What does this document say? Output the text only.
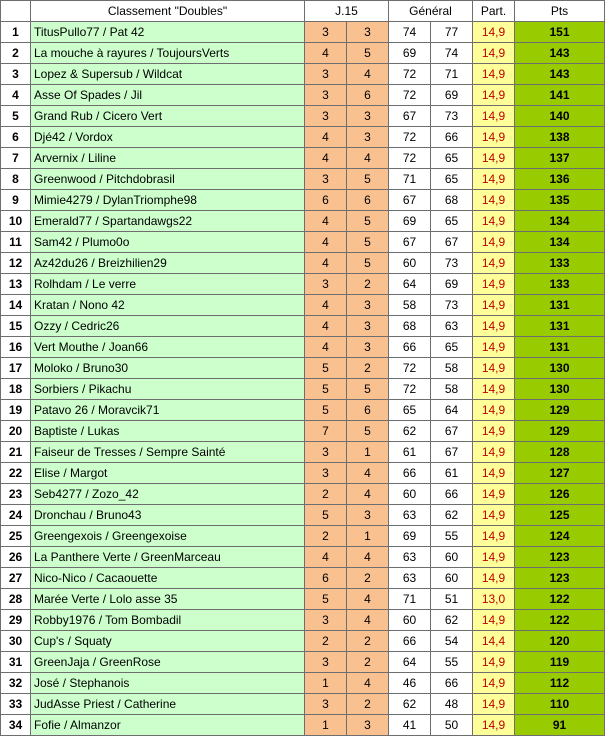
	Classement "Doubles"	J.15		Général		Part.	Pts
1	TitusPullo77 / Pat 42	3	3	74	77	14,9	151
2	La mouche à rayures / ToujoursVerts	4	5	69	74	14,9	143
3	Lopez & Supersub / Wildcat	3	4	72	71	14,9	143
4	Asse Of Spades / Jil	3	6	72	69	14,9	141
5	Grand Rub / Cicero Vert	3	3	67	73	14,9	140
6	Djé42 / Vordox	4	3	72	66	14,9	138
7	Arvernix / Liline	4	4	72	65	14,9	137
8	Greenwood / Pitchdobrasil	3	5	71	65	14,9	136
9	Mimie4279 / DylanTriomphe98	6	6	67	68	14,9	135
10	Emerald77 / Spartandawgs22	4	5	69	65	14,9	134
11	Sam42 / Plumo0o	4	5	67	67	14,9	134
12	Az42du26 / Breizhilien29	4	5	60	73	14,9	133
13	Rolhdam / Le verre	3	2	64	69	14,9	133
14	Kratan / Nono 42	4	3	58	73	14,9	131
15	Ozzy / Cedric26	4	3	68	63	14,9	131
16	Vert Mouthe / Joan66	4	3	66	65	14,9	131
17	Moloko / Bruno30	5	2	72	58	14,9	130
18	Sorbiers / Pikachu	5	5	72	58	14,9	130
19	Patavo 26 / Moravcik71	5	6	65	64	14,9	129
20	Baptiste / Lukas	7	5	62	67	14,9	129
21	Faiseur de Tresses / Sempre Sainté	3	1	61	67	14,9	128
22	Elise / Margot	3	4	66	61	14,9	127
23	Seb4277 / Zozo_42	2	4	60	66	14,9	126
24	Dronchau / Bruno43	5	3	63	62	14,9	125
25	Greengexois / Greengexoise	2	1	69	55	14,9	124
26	La Panthere Verte / GreenMarceau	4	4	63	60	14,9	123
27	Nico-Nico / Cacaouette	6	2	63	60	14,9	123
28	Marée Verte / Lolo asse 35	5	4	71	51	13,0	122
29	Robby1976 / Tom Bombadil	3	4	60	62	14,9	122
30	Cup's / Squaty	2	2	66	54	14,4	120
31	GreenJaja / GreenRose	3	2	64	55	14,9	119
32	José / Stephanois	1	4	46	66	14,9	112
33	JudAsse Priest / Catherine	3	2	62	48	14,9	110
34	Fofie / Almanzor	1	3	41	50	14,9	91
